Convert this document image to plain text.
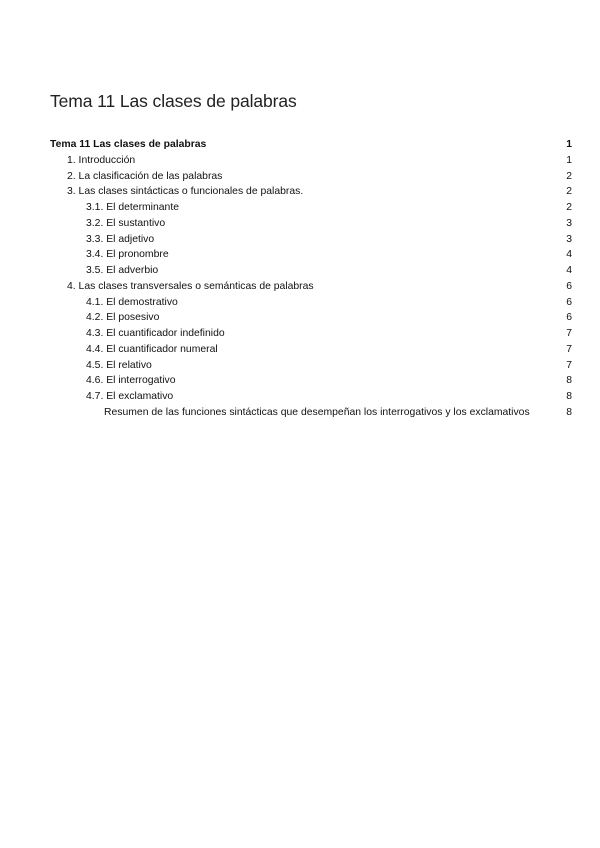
Tema 11 Las clases de palabras
Tema 11 Las clases de palabras	1
1. Introducción	1
2. La clasificación de las palabras	2
3. Las clases sintácticas o funcionales de palabras.	2
3.1. El determinante	2
3.2. El sustantivo	3
3.3. El adjetivo	3
3.4. El pronombre	4
3.5. El adverbio	4
4. Las clases transversales o semánticas de palabras	6
4.1. El demostrativo	6
4.2. El posesivo	6
4.3. El cuantificador indefinido	7
4.4. El cuantificador numeral	7
4.5. El relativo	7
4.6. El interrogativo	8
4.7. El exclamativo	8
Resumen de las funciones sintácticas que desempeñan los interrogativos y los exclamativos	8
